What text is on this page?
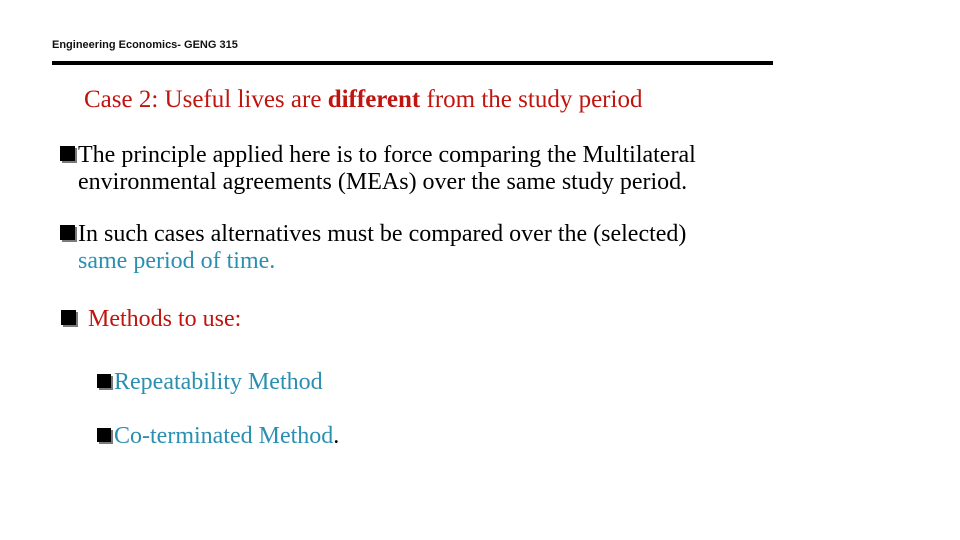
Engineering Economics- GENG 315
Case 2: Useful lives are different from the study period
The principle applied here is to force comparing the Multilateral
environmental agreements (MEAs) over the same study period.
In such cases alternatives must be compared over the (selected)
same period of time.
Methods to use:
Repeatability Method
Co-terminated Method.
